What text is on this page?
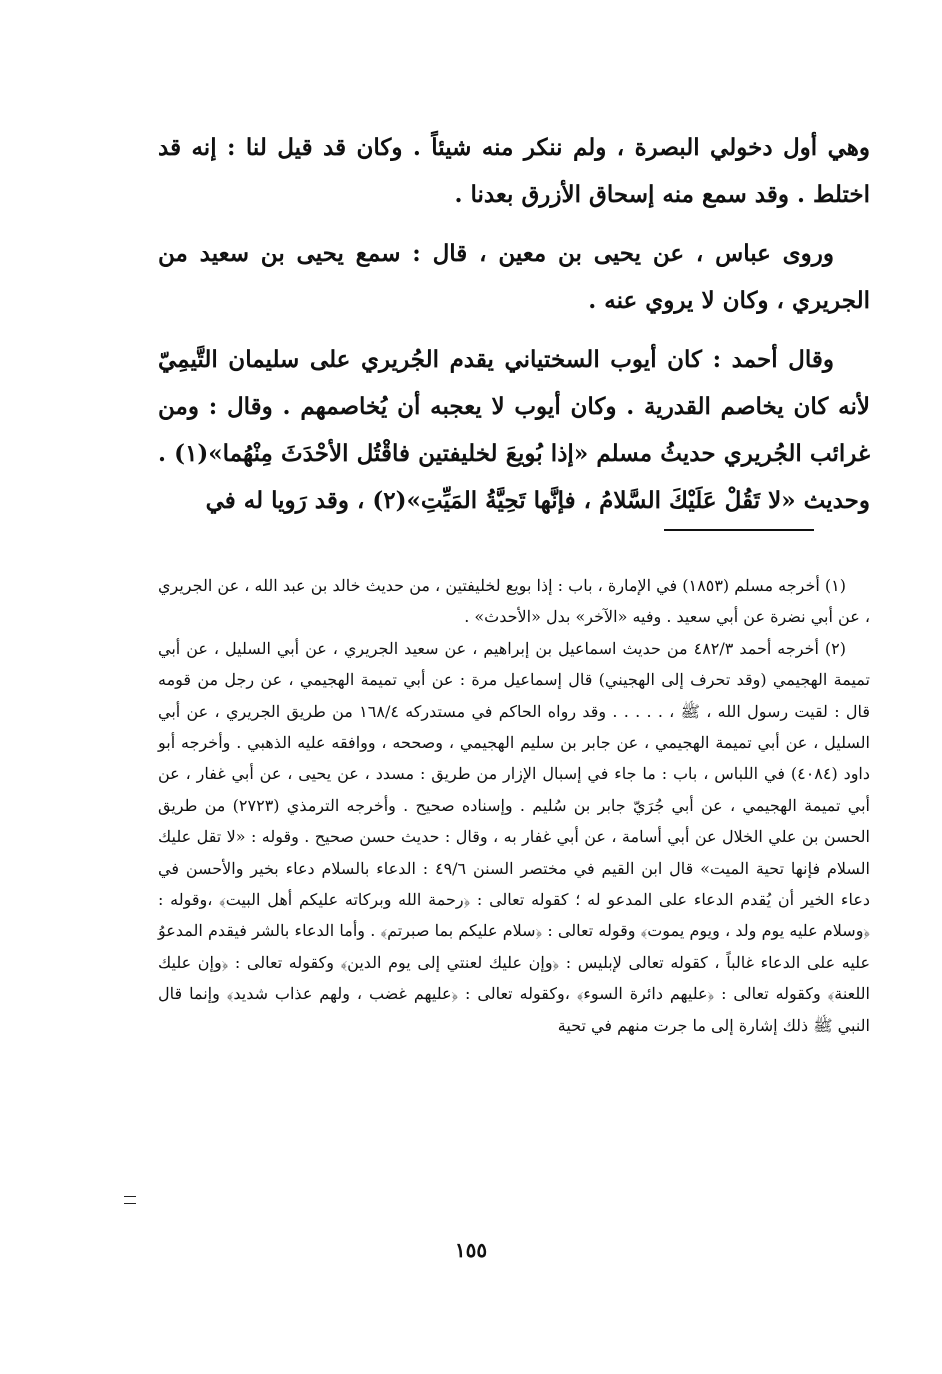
وهي أول دخولي البصرة ، ولم ننكر منه شيئاً . وكان قد قيل لنا : إنه قد اختلط . وقد سمع منه إسحاق الأزرق بعدنا .

وروى عباس ، عن يحيى بن معين ، قال : سمع يحيى بن سعيد من الجريري ، وكان لا يروي عنه .

وقال أحمد : كان أيوب السختياني يقدم الجُريري على سليمان التَّيمِيّ لأنه كان يخاصم القدرية . وكان أيوب لا يعجبه أن يُخاصمهم . وقال : ومن غرائب الجُريري حديثُ مسلم «إذا بُويعَ لخليفتين فاقْتُل الأحْدَثَ مِنْهُما»(١) . وحديث «لا تَقُلْ عَلَيْكَ السَّلامُ ، فإنَّها تَحِيَّةُ المَيِّتِ»(٢) ، وقد رَويا له في

(١) أخرجه مسلم (١٨٥٣) في الإمارة ، باب : إذا بويع لخليفتين ، من حديث خالد بن عبد الله ، عن الجريري ، عن أبي نضرة عن أبي سعيد . وفيه «الآخر» بدل «الأحدث» .

(٢) أخرجه أحمد ٤٨٢/٣ من حديث اسماعيل بن إبراهيم ، عن سعيد الجريري ، عن أبي السليل ، عن أبي تميمة الهجيمي (وقد تحرف إلى الهجيني) قال إسماعيل مرة : عن أبي تميمة الهجيمي ، عن رجل من قومه قال : لقيت رسول الله ، ﷺ ، . . . . . وقد رواه الحاكم في مستدركه ١٦٨/٤ من طريق الجريري ، عن أبي السليل ، عن أبي تميمة الهجيمي ، عن جابر بن سليم الهجيمي ، وصححه ، ووافقه عليه الذهبي . وأخرجه أبو داود (٤٠٨٤) في اللباس ، باب : ما جاء في إسبال الإزار من طريق : مسدد ، عن يحيى ، عن أبي غفار ، عن أبي تميمة الهجيمي ، عن أبي جُرَيّ جابر بن سُليم . وإسناده صحيح . وأخرجه الترمذي (٢٧٢٣) من طريق الحسن بن علي الخلال عن أبي أسامة ، عن أبي غفار به ، وقال : حديث حسن صحيح . وقوله : «لا تقل عليك السلام فإنها تحية الميت» قال ابن القيم في مختصر السنن ٤٩/٦ : الدعاء بالسلام دعاء بخير والأحسن في دعاء الخير أن يُقدم الدعاء على المدعو له ؛ كقوله تعالى : ﴿رحمة الله وبركاته عليكم أهل البيت﴾ ،وقوله : ﴿وسلام عليه يوم ولد ، ويوم يموت﴾ وقوله تعالى : ﴿سلام عليكم بما صبرتم﴾ . وأما الدعاء بالشر فيقدم المدعوُ عليه على الدعاء غالباً ، كقوله تعالى لإبليس : ﴿وإن عليك لعنتي إلى يوم الدين﴾ وكقوله تعالى : ﴿وإن عليك اللعنة﴾ وكقوله تعالى : ﴿عليهم دائرة السوء﴾ ،وكقوله تعالى : ﴿عليهم غضب ، ولهم عذاب شديد﴾ وإنما قال النبي ﷺ ذلك إشارة إلى ما جرت منهم في تحية

١٥٥
